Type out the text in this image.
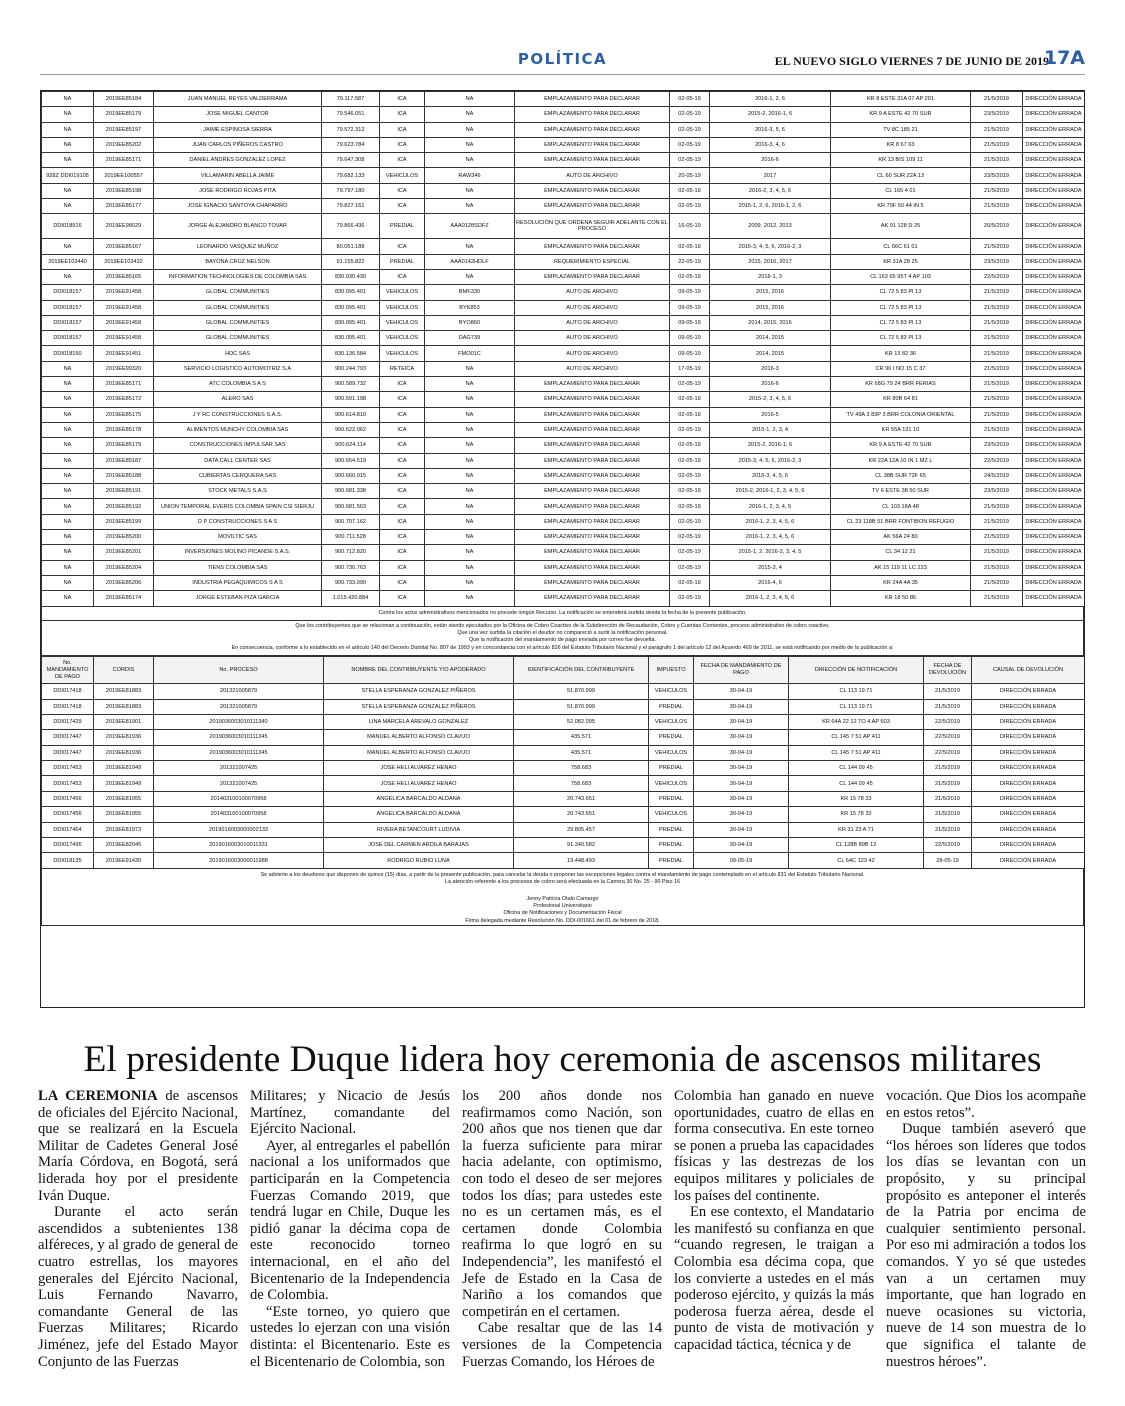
POLÍTICA	EL NUEVO SIGLO VIERNES 7 DE JUNIO DE 2019
17A
NA	2019EE85184	JUAN MANUEL REYES VALDERRAMA	79.117.587	ICA	NA	EMPLAZAMIENTO PARA DECLARAR	02-05-19	2016-1, 2, 6	KR 8 ESTE 31A 07 AP 201	21/5/2019	DIRECCIÓN ERRADA
NA	2019EE85179	JOSE MIGUEL CANTOR	79.546.051	ICA	NA	EMPLAZAMIENTO PARA DECLARAR	02-05-19	2015-2, 2016-1, 6	KR 9 A ESTE 42 70 SUR	23/5/2019	DIRECCIÓN ERRADA
NA	2019EE85197	JAIME ESPINOSA SIERRA	79.572.312	ICA	NA	EMPLAZAMIENTO PARA DECLARAR	02-05-19	2016-3, 5, 6	TV 8C 185 21	21/5/2019	DIRECCIÓN ERRADA
NA	2019EE85202	JUAN CARLOS PIÑEROS CASTRO	79.623.784	ICA	NA	EMPLAZAMIENTO PARA DECLARAR	02-05-19	2016-3, 4, 6	KR 8 67 63	21/5/2019	DIRECCIÓN ERRADA
NA	2019EE85171	DANIEL ANDRES GONZALEZ LOPEZ	79.647.308	ICA	NA	EMPLAZAMIENTO PARA DECLARAR	02-05-19	2016-6	KR 13 BIS 109 11	21/5/2019	DIRECCIÓN ERRADA
928Z DDI019105	2019EE100557	VILLAMARIN ABELLA JAIME	79.682.133	VEHICULOS	RAW346	AUTO DE ARCHIVO	20-05-19	2017	CL 60 SUR 22A 13	23/5/2019	DIRECCIÓN ERRADA
NA	2019EE85198	JOSE RODRIGO ROJAS PITA	79.797.180	ICA	NA	EMPLAZAMIENTO PARA DECLARAR	02-05-19	2016-2, 3, 4, 5, 6	CL 165 4 01	21/5/2019	DIRECCIÓN ERRADA
NA	2019EE85177	JOSE IGNACIO SANTOYA CHAPARRO	79.827.161	ICA	NA	EMPLAZAMIENTO PARA DECLARAR	02-05-19	2015-1, 2, 6, 2016-1, 2, 6	KR 79F 50 44 IN 5	21/5/2019	DIRECCIÓN ERRADA
DDI018916	2019EE98029	JORGE ALEJANDRO BLANCO TOVAR	79.866.436	PREDIAL	AAA0128SDFZ	RESOLUCIÓN QUE ORDENA SEGUIR ADELANTE CON EL PROCESO	16-05-19	2009, 2012, 2013	AK 91 128 D 25	20/5/2019	DIRECCIÓN ERRADA
NA	2019EE85167	LEONARDO VASQUEZ MUÑOZ	80.051.188	ICA	NA	EMPLAZAMIENTO PARA DECLARAR	02-05-19	2015-3, 4, 5, 6, 2016-2, 3	CL 66C 61 01	21/5/2019	DIRECCIÓN ERRADA
2019EE103440	2019EE103432	BAYONA CRUZ NELSON	91.155.822	PREDIAL	AAA0142HDLF	REQUERIMIENTO ESPECIAL	22-05-19	2015, 2016, 2017	KR 31A 28 25	23/5/2019	DIRECCIÓN ERRADA
NA	2019EE85165	INFORMATION TECHNOLOGIES DE COLOMBIA SAS	830.030.430	ICA	NA	EMPLAZAMIENTO PARA DECLARAR	02-05-19	2016-1, 3	CL 163 65 95T 4 AP 103	22/5/2019	DIRECCIÓN ERRADA
DDI018157	2019EE91458	GLOBAL COMMUNITIES	830.095.401	VEHICULOS	BMF330	AUTO DE ARCHIVO	09-05-19	2015, 2016	CL 72 5 83 PI 13	21/5/2019	DIRECCIÓN ERRADA
DDI018157	2019EE91458	GLOBAL COMMUNITIES	830.095.401	VEHICULOS	BYK853	AUTO DE ARCHIVO	09-05-19	2015, 2016	CL 72 5 83 PI 13	21/5/2019	DIRECCIÓN ERRADA
DDI018157	2019EE91458	GLOBAL COMMUNITIES	830.095.401	VEHICULOS	BYO860	AUTO DE ARCHIVO	09-05-19	2014, 2015, 2016	CL 72 5 83 PI 13	21/5/2019	DIRECCIÓN ERRADA
DDI018157	2019EE91458	GLOBAL COMMUNITIES	830.095.401	VEHICULOS	DAG739	AUTO DE ARCHIVO	09-05-19	2014, 2015	CL 72 5 83 PI 13	21/5/2019	DIRECCIÓN ERRADA
DDI018150	2019EE91451	HDC SAS	830.136.584	VEHICULOS	FMO01C	AUTO DE ARCHIVO	09-05-19	2014, 2015	KR 13 82 36	21/5/2019	DIRECCIÓN ERRADA
NA	2019EE99320	SERVICIO LOGISTICO AUTOMOTRIZ S.A	900.244.793	RETEICA	NA	AUTO DE ARCHIVO	17-05-19	2016-3	CR 96 I NO 15 C 37	21/5/2019	DIRECCIÓN ERRADA
NA	2019EE85171	ATC COLOMBIA S A S	900.589.732	ICA	NA	EMPLAZAMIENTO PARA DECLARAR	02-05-19	2016-6	KR 68G 79 24 BRR FERIAS	21/5/2019	DIRECCIÓN ERRADA
NA	2019EE85172	ALERO SAS	900.591.198	ICA	NA	EMPLAZAMIENTO PARA DECLARAR	02-05-19	2015-2, 3, 4, 5, 6	KR 80B 64 81	21/5/2019	DIRECCIÓN ERRADA
NA	2019EE85175	J Y RC CONSTRUCCIONES S.A.S.	900.614.810	ICA	NA	EMPLAZAMIENTO PARA DECLARAR	02-05-19	2016-5	TV 49A 3 83P 3 BRR COLONIA ORIENTAL	21/5/2019	DIRECCIÓN ERRADA
NA	2019EE85178	ALIMENTOS MUNCHY COLOMBIA SAS	900.622.062	ICA	NA	EMPLAZAMIENTO PARA DECLARAR	02-05-19	2015-1, 2, 3, 4	KR 55A 131 10	21/5/2019	DIRECCIÓN ERRADA
NA	2019EE85179	CONSTRUCCIONES IMPULSAR SAS	900.624.114	ICA	NA	EMPLAZAMIENTO PARA DECLARAR	02-05-19	2015-2, 2016-1, 6	KR 9 A ESTE 42 70 SUR	23/5/2019	DIRECCIÓN ERRADA
NA	2019EE85187	DATA CALL CENTER SAS	900.654.519	ICA	NA	EMPLAZAMIENTO PARA DECLARAR	02-05-19	2015-3, 4, 5, 6, 2016-2, 3	KR 22A 12A 10 IN 1 MZ L	22/5/2019	DIRECCIÓN ERRADA
NA	2019EE85188	CUBIERTAS CERQUERA SAS	900.660.915	ICA	NA	EMPLAZAMIENTO PARA DECLARAR	02-05-19	2016-3, 4, 5, 6	CL 38B SUR 72F 65	24/5/2019	DIRECCIÓN ERRADA
NA	2019EE85191	STOCK METALS S.A.S	900.681.338	ICA	NA	EMPLAZAMIENTO PARA DECLARAR	02-05-19	2015-2, 2016-1, 2, 3, 4, 5, 6	TV 6 ESTE 38 50 SUR	23/5/2019	DIRECCIÓN ERRADA
NA	2019EE85192	UNION TEMPORAL EVERIS COLOMBIA SPAIN CSI SIERJU	900.681.563	ICA	NA	EMPLAZAMIENTO PARA DECLARAR	02-05-19	2016-1, 2, 3, 4, 5	CL 103 18A 48	21/5/2019	DIRECCIÓN ERRADA
NA	2019EE85199	D P CONSTRUCCIONES S A S	900.707.162	ICA	NA	EMPLAZAMIENTO PARA DECLARAR	02-05-19	2016-1, 2, 3, 4, 5, 6	CL 23 118B 51 BRR FONTIBON REFUGIO	21/5/2019	DIRECCIÓN ERRADA
NA	2019EE85200	MOVILTIC SAS	900.711.528	ICA	NA	EMPLAZAMIENTO PARA DECLARAR	02-05-19	2016-1, 2, 3, 4, 5, 6	AK 56A 24 80	21/5/2019	DIRECCIÓN ERRADA
NA	2019EE85201	INVERSIONES MOLINO PICANDE S.A.S.	900.712.820	ICA	NA	EMPLAZAMIENTO PARA DECLARAR	02-05-19	2015-1, 2, 2016-2, 3, 4, 5	CL 34 12 21	21/5/2019	DIRECCIÓN ERRADA
NA	2019EE85204	TIENS COLOMBIA SAS	900.730.763	ICA	NA	EMPLAZAMIENTO PARA DECLARAR	02-05-19	2015-3, 4	AK 15 119 11 LC 223	21/5/2019	DIRECCIÓN ERRADA
NA	2019EE85206	INDUSTRIA PEGAQUIMICOS S A S	900.733.090	ICA	NA	EMPLAZAMIENTO PARA DECLARAR	02-05-19	2016-4, 6	KR 24A 4A 35	21/5/2019	DIRECCIÓN ERRADA
NA	2019EE85174	JORGE ESTEBAN PIZA GARCIA	1.015.420.884	ICA	NA	EMPLAZAMIENTO PARA DECLARAR	02-05-19	2016-1, 2, 3, 4, 5, 6	KR 18 50 86	21/5/2019	DIRECCIÓN ERRADA
Contra los actos administrativos mencionados no procede ningún Recurso. La notificación se entenderá surtida desde la fecha de la presente publicación.
Que los contribuyentes que se relacionan a continuación, están siendo ejecutados por la Oficina de Cobro Coactivo de la Subdirección de Recaudación, Cobro y Cuentas Corrientes, proceso administrativo de cobro coactivo.
Que una vez surtida la citación el deudor no compareció a surtir la notificación personal.
Que la notificación del mandamiento de pago enviada por correo fue devuelta.
En consecuencia, conforme a lo establecido en el artículo 140 del Decreto Distrital No. 807 de 1993 y en concordancia con el artículo 826 del Estatuto Tributario Nacional y el parágrafo 1 del artículo 12 del Acuerdo 469 de 2011, se está notificando por medio de la publicación a:
No. MANDAMIENTO DE PAGO	CORDIS	No. PROCESO	NOMBRE DEL CONTRIBUYENTE Y/O APODERADO	IDENTIFICACIÓN DEL CONTRIBUYENTE	IMPUESTO	FECHA DE MANDAMIENTO DE PAGO	DIRECCIÓN DE NOTIFICACIÓN	FECHA DE DEVOLUCIÓN	CAUSAL DE DEVOLUCIÓN
DDI017418	2019EE81883	201321005879	STELLA ESPERANZA GONZALEZ PIÑEROS	51.870.999	VEHICULOS	30-04-19	CL 113 19 71	21/5/2019	DIRECCIÓN ERRADA
DDI017418	2019EE81883	201321005879	STELLA ESPERANZA GONZALEZ PIÑEROS	51.870.999	PREDIAL	30-04-19	CL 113 19 71	21/5/2019	DIRECCIÓN ERRADA
DDI017429	2019EE81901	2019036003010111340	LINA MARCELA AREVALO GONZALEZ	52.082.095	VEHICULOS	30-04-19	KR 64A 22 12 TO 4 AP 603	22/5/2019	DIRECCIÓN ERRADA
DDI017447	2019EE81936	2019036003010111345	MANUEL ALBERTO ALFONSO CLAVIJO	435.571	PREDIAL	30-04-19	CL 145 7 51 AP 411	22/5/2019	DIRECCIÓN ERRADA
DDI017447	2019EE81936	2019036003010111345	MANUEL ALBERTO ALFONSO CLAVIJO	435.571	VEHICULOS	30-04-19	CL 145 7 51 AP 411	22/5/2019	DIRECCIÓN ERRADA
DDI017453	2019EE81949	201321007425	JOSE HELI ALVAREZ HENAO	758.683	PREDIAL	30-04-19	CL 144 09 45	21/5/2019	DIRECCIÓN ERRADA
DDI017453	2019EE81949	201321007425	JOSE HELI ALVAREZ HENAO	758.683	VEHICULOS	30-04-19	CL 144 09 45	21/5/2019	DIRECCIÓN ERRADA
DDI017456	2019EE81955	201403100100070958	ANGELICA BARCALDO ALDANA	20.743.651	PREDIAL	30-04-19	KR 15 78 33	21/5/2019	DIRECCIÓN ERRADA
DDI017456	2019EE81955	201403100100070958	ANGELICA BARCALDO ALDANA	20.743.651	VEHICULOS	30-04-19	KR 15 78 33	21/5/2019	DIRECCIÓN ERRADA
DDI017464	2019EE81973	2019016003000002133	RIVERA BETANCOURT LUDIVIA	29.805.457	PREDIAL	30-04-19	KR 31 23 A 71	21/5/2019	DIRECCIÓN ERRADA
DDI017496	2019EE82045	2019016003010011331	JOSE DEL CARMEN ARDILA BARAJAS	91.340.582	PREDIAL	30-04-19	CL 128B 89B 12	22/5/2019	DIRECCIÓN ERRADA
DDI018135	2019EE91430	2019016003000011988	RODRIGO RUBIO LUNA	19.448.493	PREDIAL	09-05-19	CL 64C 123 42	28-05-19	DIRECCIÓN ERRADA
Se advierte a los deudores que disponen de quince (15) días, a partir de la presente publicación, para cancelar la deuda o proponer las excepciones legales contra el mandamiento de pago contemplado en el artículo 831 del Estatuto Tributario Nacional.
La atención referente a los procesos de cobro será efectuada en la Carrera 30 No. 25 - 90 Piso 16
Jenny Patricia Otalo Camargo
Profesional Universitario
Oficina de Notificaciones y Documentación Fiscal
Firma delegada mediante Resolución No. DDI-001661 del 01 de febrero de 2018.
El presidente Duque lidera hoy ceremonia de ascensos militares

LA CEREMONIA de ascensos de oficiales del Ejército Nacional, que se realizará en la Escuela Militar de Cadetes General José María Córdova, en Bogotá, será liderada hoy por el presidente Iván Duque.

Durante el acto serán ascendidos a subtenientes 138 alféreces, y al grado de general de cuatro estrellas, los mayores generales del Ejército Nacional, Luis Fernando Navarro, comandante General de las Fuerzas Militares; Ricardo Jiménez, jefe del Estado Mayor Conjunto de las Fuerzas

Militares; y Nicacio de Jesús Martínez, comandante del Ejército Nacional.

Ayer, al entregarles el pabellón nacional a los uniformados que participarán en la Competencia Fuerzas Comando 2019, que tendrá lugar en Chile, Duque les pidió ganar la décima copa de este reconocido torneo internacional, en el año del Bicentenario de la Independencia de Colombia.

“Este torneo, yo quiero que ustedes lo ejerzan con una visión distinta: el Bicentenario. Este es el Bicentenario de Colombia, son

los 200 años donde nos reafirmamos como Nación, son 200 años que nos tienen que dar la fuerza suficiente para mirar hacia adelante, con optimismo, con todo el deseo de ser mejores todos los días; para ustedes este no es un certamen más, es el certamen donde Colombia reafirma lo que logró en su Independencia”, les manifestó el Jefe de Estado en la Casa de Nariño a los comandos que competirán en el certamen.

Cabe resaltar que de las 14 versiones de la Competencia Fuerzas Comando, los Héroes de

Colombia han ganado en nueve oportunidades, cuatro de ellas en forma consecutiva. En este torneo se ponen a prueba las capacidades físicas y las destrezas de los equipos militares y policiales de los países del continente.

En ese contexto, el Mandatario les manifestó su confianza en que “cuando regresen, le traigan a Colombia esa décima copa, que los convierte a ustedes en el más poderoso ejército, y quizás la más poderosa fuerza aérea, desde el punto de vista de motivación y capacidad táctica, técnica y de

vocación. Que Dios los acompañe en estos retos”.

Duque también aseveró que “los héroes son líderes que todos los días se levantan con un propósito, y su principal propósito es anteponer el interés de la Patria por encima de cualquier sentimiento personal. Por eso mi admiración a todos los comandos. Y yo sé que ustedes van a un certamen muy importante, que han logrado en nueve ocasiones su victoria, nueve de 14 son muestra de lo que significa el talante de nuestros héroes”.
